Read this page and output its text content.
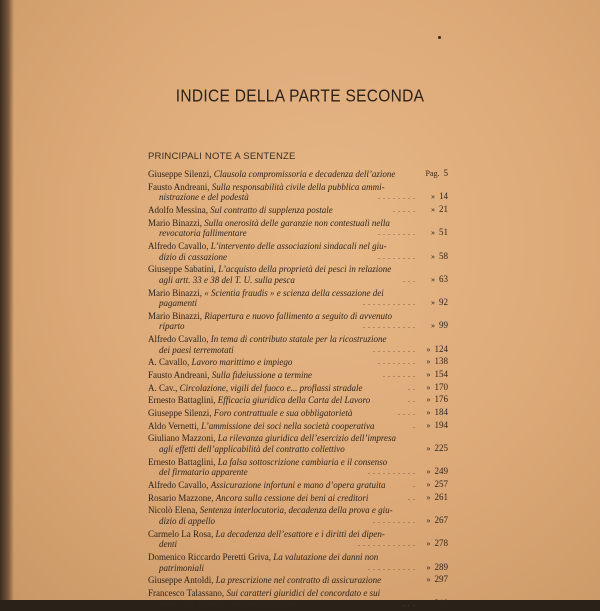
INDICE DELLA PARTE SECONDA
PRINCIPALI NOTE A SENTENZE
Giuseppe Silenzi, Clausola compromissoria e decadenza dell’azione	Pag. 5
Fausto Andreani, Sulla responsabilità civile della pubblica ammi-
nistrazione e del podestà	........	» 14
Adolfo Messina, Sul contratto di supplenza postale	.....	» 21
Mario Binazzi, Sulla onerosità delle garanzie non contestuali nella
revocatoria fallimentare	........	» 51
Alfredo Cavallo, L’intervento delle associazioni sindacali nel giu-
dizio di cassazione	........	» 58
Giuseppe Sabatini, L’acquisto della proprietà dei pesci in relazione
agli artt. 33 e 38 del T. U. sulla pesca	...	» 63
Mario Binazzi, « Scientia fraudis » e scienza della cessazione dei
pagamenti	...........	» 92
Mario Binazzi, Riapertura e nuovo fallimento a seguito di avvenuto
riparto	...........	» 99
Alfredo Cavallo, In tema di contributo statale per la ricostruzione
dei paesi terremotati	.........	» 124
A. Cavallo, Lavoro marittimo e impiego	........	» 138
Fausto Andreani, Sulla fideiussione a termine	.......	» 154
A. Cav., Circolazione, vigili del fuoco e... proflassi stradale	..	» 170
Ernesto Battaglini, Efficacia giuridica della Carta del Lavoro	..	» 176
Giuseppe Silenzi, Foro contrattuale e sua obbligatorietà	....	» 184
Aldo Vernetti, L’ammissione dei soci nella società cooperativa	.	» 194
Giuliano Mazzoni, La rilevanza giuridica dell’esercizio dell’impresa
agli effetti dell’applicabilità del contratto collettivo	» 225
Ernesto Battaglini, La falsa sottoscrizione cambiaria e il consenso
del firmatario apparente	..........	» 249
Alfredo Cavallo, Assicurazione infortuni e mano d’opera gratuita	.	» 257
Rosario Mazzone, Ancora sulla cessione dei beni ai creditori	..	» 261
Nicolò Elena, Sentenza interlocutoria, decadenza della prova e giu-
dizio di appello	.........	» 267
Carmelo La Rosa, La decadenza dell’esattore e i diritti dei dipen-
denti	............	» 278
Domenico Riccardo Peretti Griva, La valutazione dei danni non
patrimoniali	..........	» 289
Giuseppe Antoldi, La prescrizione nel contratto di assicurazione	» 297
Francesco Talassano, Sui caratteri giuridici del concordato e sui
poteri del tribunale nell’omologazione	...	» 310
